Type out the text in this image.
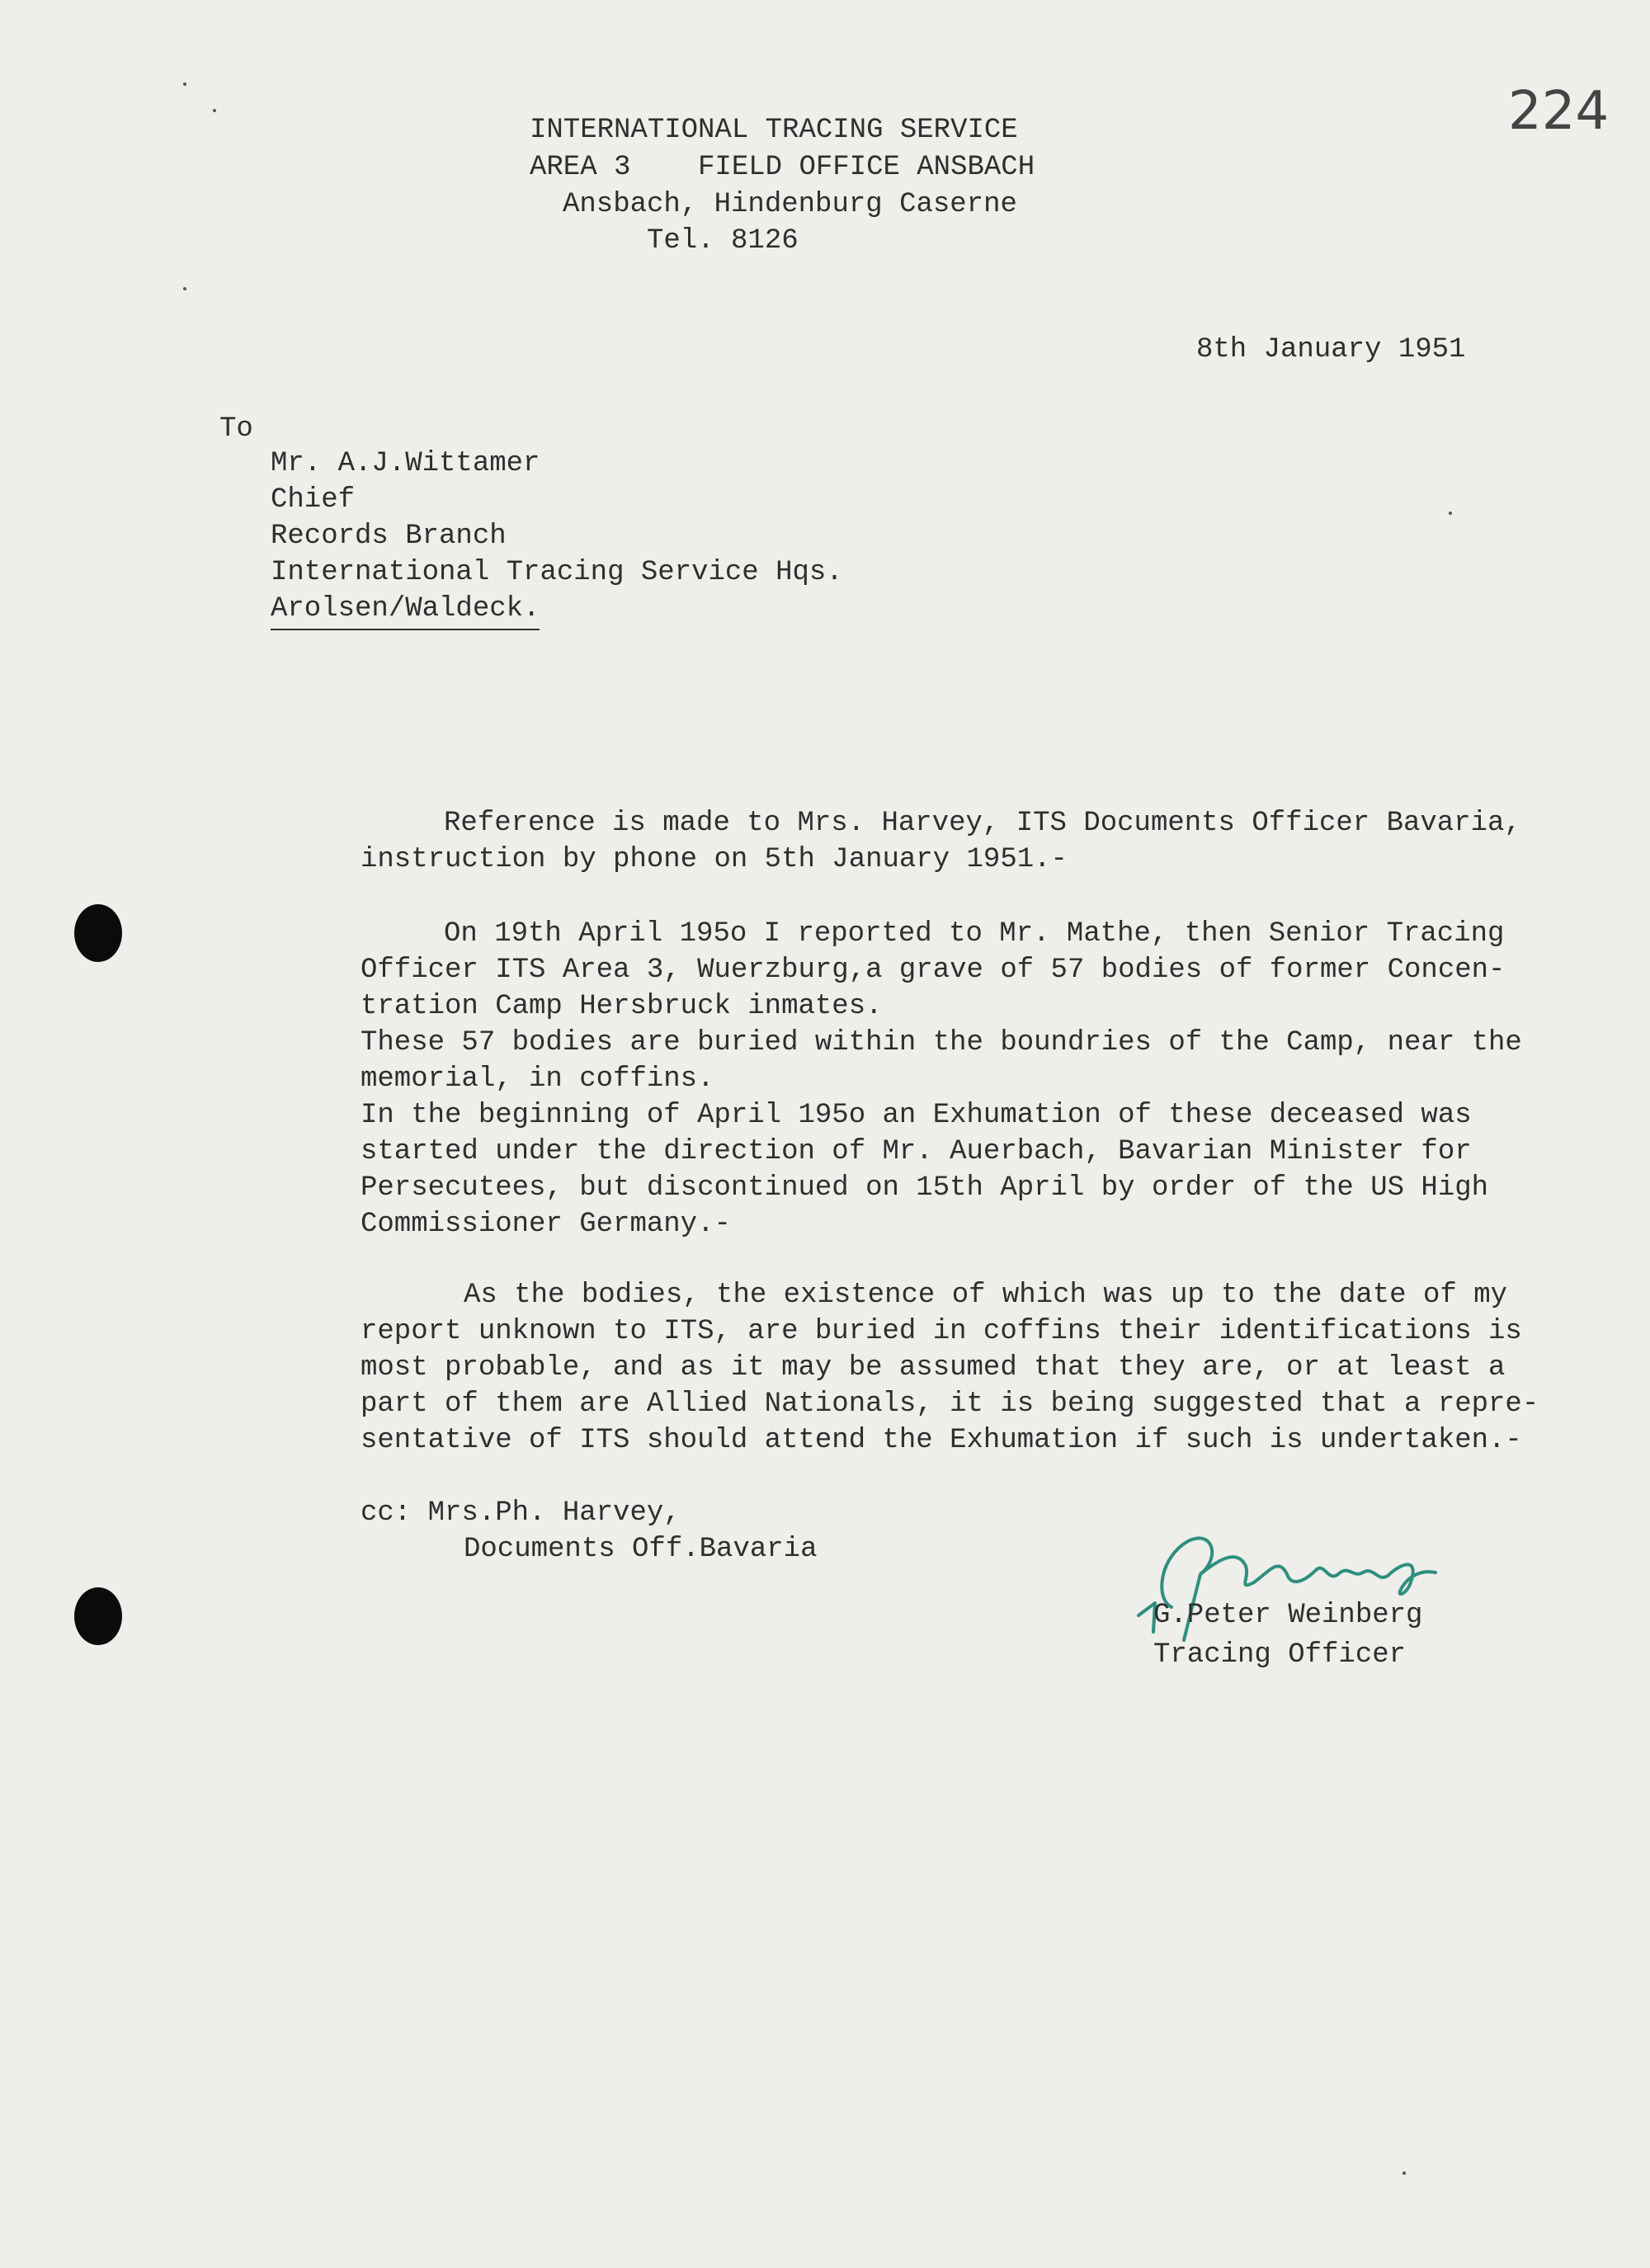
224
INTERNATIONAL TRACING SERVICE
AREA 3    FIELD OFFICE ANSBACH
Ansbach, Hindenburg Caserne
Tel. 8126
8th January 1951
To
Mr. A.J.Wittamer
Chief
Records Branch
International Tracing Service Hqs.
Arolsen/Waldeck.
Reference is made to Mrs. Harvey, ITS Documents Officer Bavaria,
instruction by phone on 5th January 1951.-
On 19th April 195o I reported to Mr. Mathe, then Senior Tracing
Officer ITS Area 3, Wuerzburg,a grave of 57 bodies of former Concen-
tration Camp Hersbruck inmates.
These 57 bodies are buried within the boundries of the Camp, near the
memorial, in coffins.
In the beginning of April 195o an Exhumation of these deceased was
started under the direction of Mr. Auerbach, Bavarian Minister for
Persecutees, but discontinued on 15th April by order of the US High
Commissioner Germany.-
As the bodies, the existence of which was up to the date of my
report unknown to ITS, are buried in coffins their identifications is
most probable, and as it may be assumed that they are, or at least a
part of them are Allied Nationals, it is being suggested that a repre-
sentative of ITS should attend the Exhumation if such is undertaken.-
cc: Mrs.Ph. Harvey,
Documents Off.Bavaria
G.Peter Weinberg
Tracing Officer
